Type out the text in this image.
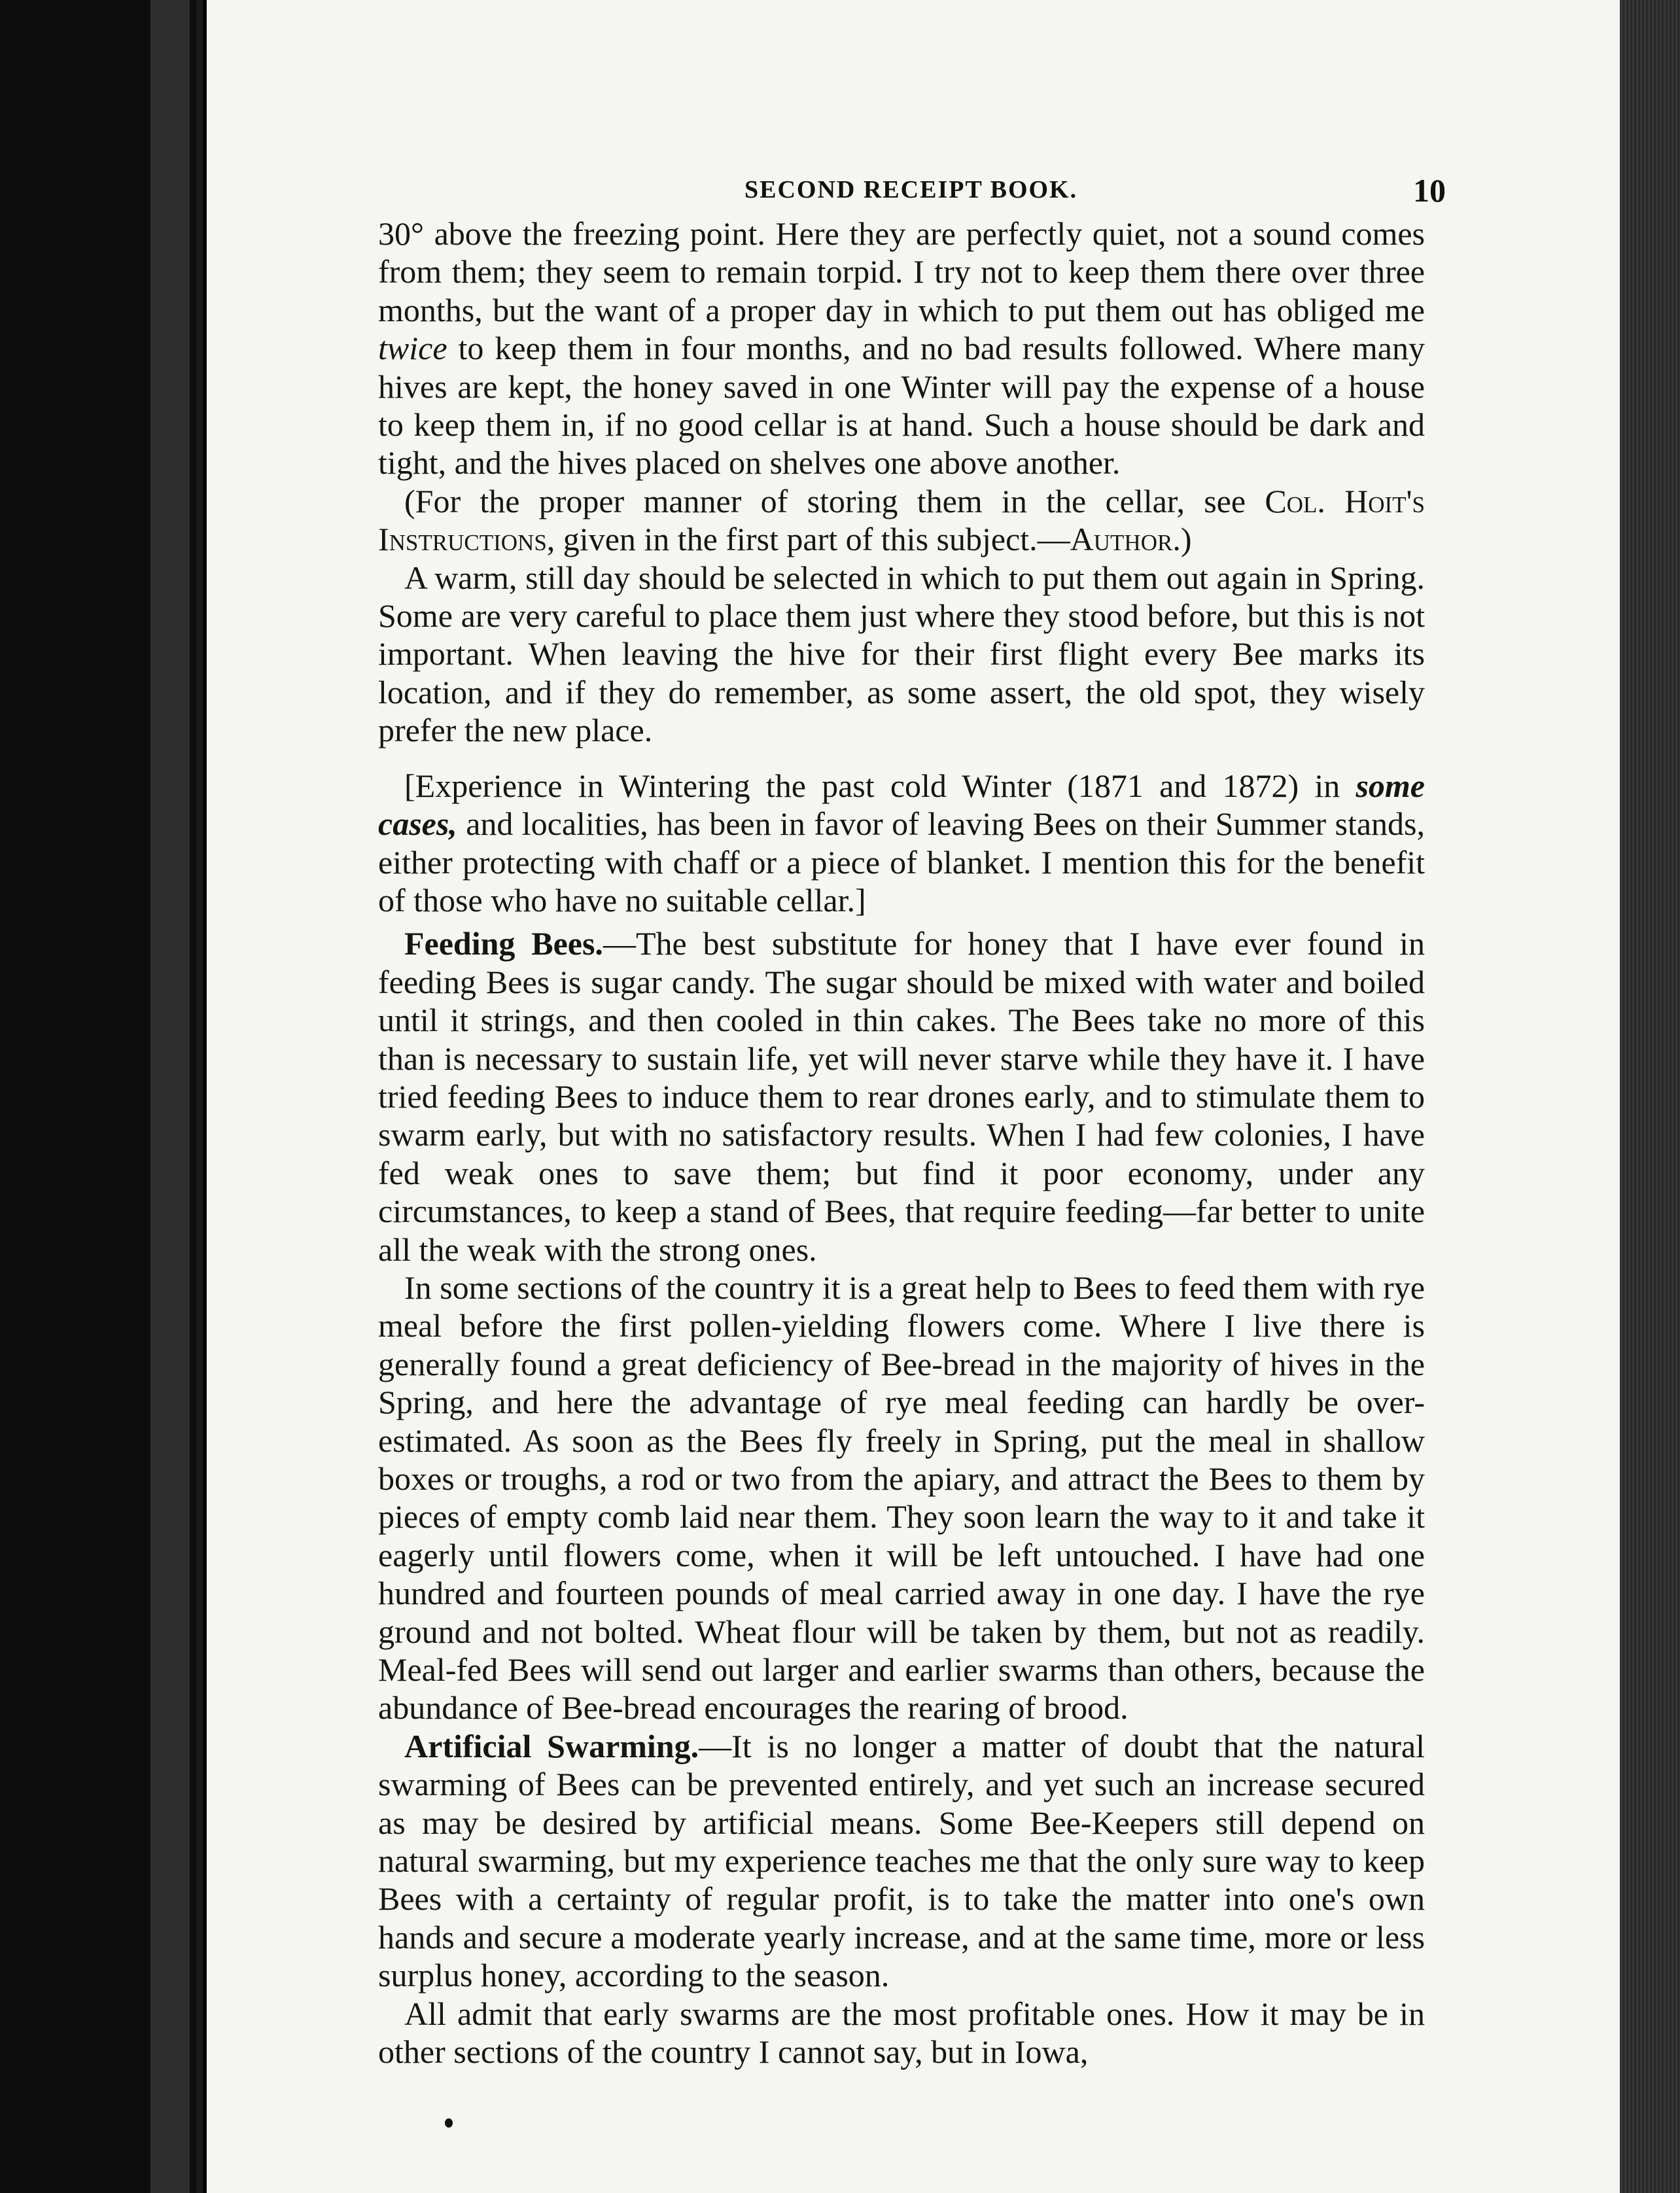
SECOND RECEIPT BOOK.	10

30° above the freezing point. Here they are perfectly quiet, not a sound comes from them; they seem to remain torpid. I try not to keep them there over three months, but the want of a proper day in which to put them out has obliged me twice to keep them in four months, and no bad results followed. Where many hives are kept, the honey saved in one Winter will pay the expense of a house to keep them in, if no good cellar is at hand. Such a house should be dark and tight, and the hives placed on shelves one above another.

(For the proper manner of storing them in the cellar, see Col. Hoit's Instructions, given in the first part of this subject.—Author.)

A warm, still day should be selected in which to put them out again in Spring. Some are very careful to place them just where they stood before, but this is not important. When leaving the hive for their first flight every Bee marks its location, and if they do remember, as some assert, the old spot, they wisely prefer the new place.

[Experience in Wintering the past cold Winter (1871 and 1872) in some cases, and localities, has been in favor of leaving Bees on their Summer stands, either protecting with chaff or a piece of blanket. I mention this for the benefit of those who have no suitable cellar.]

Feeding Bees.—The best substitute for honey that I have ever found in feeding Bees is sugar candy. The sugar should be mixed with water and boiled until it strings, and then cooled in thin cakes. The Bees take no more of this than is necessary to sustain life, yet will never starve while they have it. I have tried feeding Bees to induce them to rear drones early, and to stimulate them to swarm early, but with no satisfactory results. When I had few colonies, I have fed weak ones to save them; but find it poor economy, under any circumstances, to keep a stand of Bees, that require feeding—far better to unite all the weak with the strong ones.

In some sections of the country it is a great help to Bees to feed them with rye meal before the first pollen-yielding flowers come. Where I live there is generally found a great deficiency of Bee-bread in the majority of hives in the Spring, and here the advantage of rye meal feeding can hardly be over-estimated. As soon as the Bees fly freely in Spring, put the meal in shallow boxes or troughs, a rod or two from the apiary, and attract the Bees to them by pieces of empty comb laid near them. They soon learn the way to it and take it eagerly until flowers come, when it will be left untouched. I have had one hundred and fourteen pounds of meal carried away in one day. I have the rye ground and not bolted. Wheat flour will be taken by them, but not as readily. Meal-fed Bees will send out larger and earlier swarms than others, because the abundance of Bee-bread encourages the rearing of brood.

Artificial Swarming.—It is no longer a matter of doubt that the natural swarming of Bees can be prevented entirely, and yet such an increase secured as may be desired by artificial means. Some Bee-Keepers still depend on natural swarming, but my experience teaches me that the only sure way to keep Bees with a certainty of regular profit, is to take the matter into one's own hands and secure a moderate yearly increase, and at the same time, more or less surplus honey, according to the season.

All admit that early swarms are the most profitable ones. How it may be in other sections of the country I cannot say, but in Iowa,
